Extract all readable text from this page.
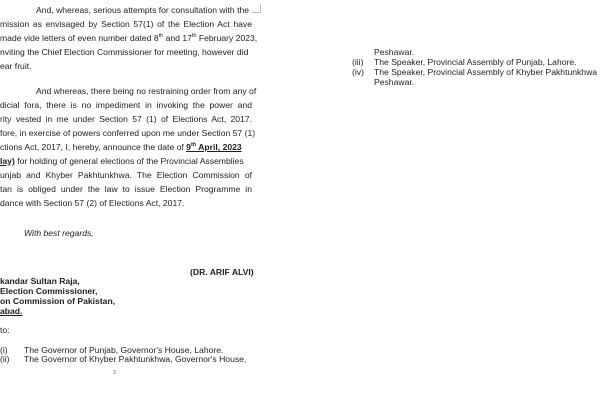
And, whereas, serious attempts for consultation with the
mission as envisaged by Section 57(1) of the Election Act have
made vide letters of even number dated 8th and 17th February 2023,
nviting the Chief Election Commissioner for meeting, however did
ear fruit.
And whereas, there being no restraining order from any of
dicial fora, there is no impediment in invoking the power and
rity vested in me under Section 57 (1) of Elections Act, 2017.
fore, in exercise of powers conferred upon me under Section 57 (1)
ctions Act, 2017, I, hereby, announce the date of 9th April, 2023
lay) for holding of general elections of the Provincial Assemblies
unjab and Khyber Pakhtunkhwa. The Election Commission of
tan is obliged under the law to issue Election Programme in
dance with Section 57 (2) of Elections Act, 2017.
With best regards,
(DR. ARIF ALVI)
kandar Sultan Raja,
Election Commissioner,
on Commission of Pakistan,
abad.
to:
(i) The Governor of Punjab, Governor's House, Lahore.
(ii) The Governor of Khyber Pakhtunkhwa, Governor's House,
3
Peshawar.
(iii) The Speaker, Provincial Assembly of Punjab, Lahore.
(iv) The Speaker, Provincial Assembly of Khyber Pakhtunkhwa
Peshawar.
